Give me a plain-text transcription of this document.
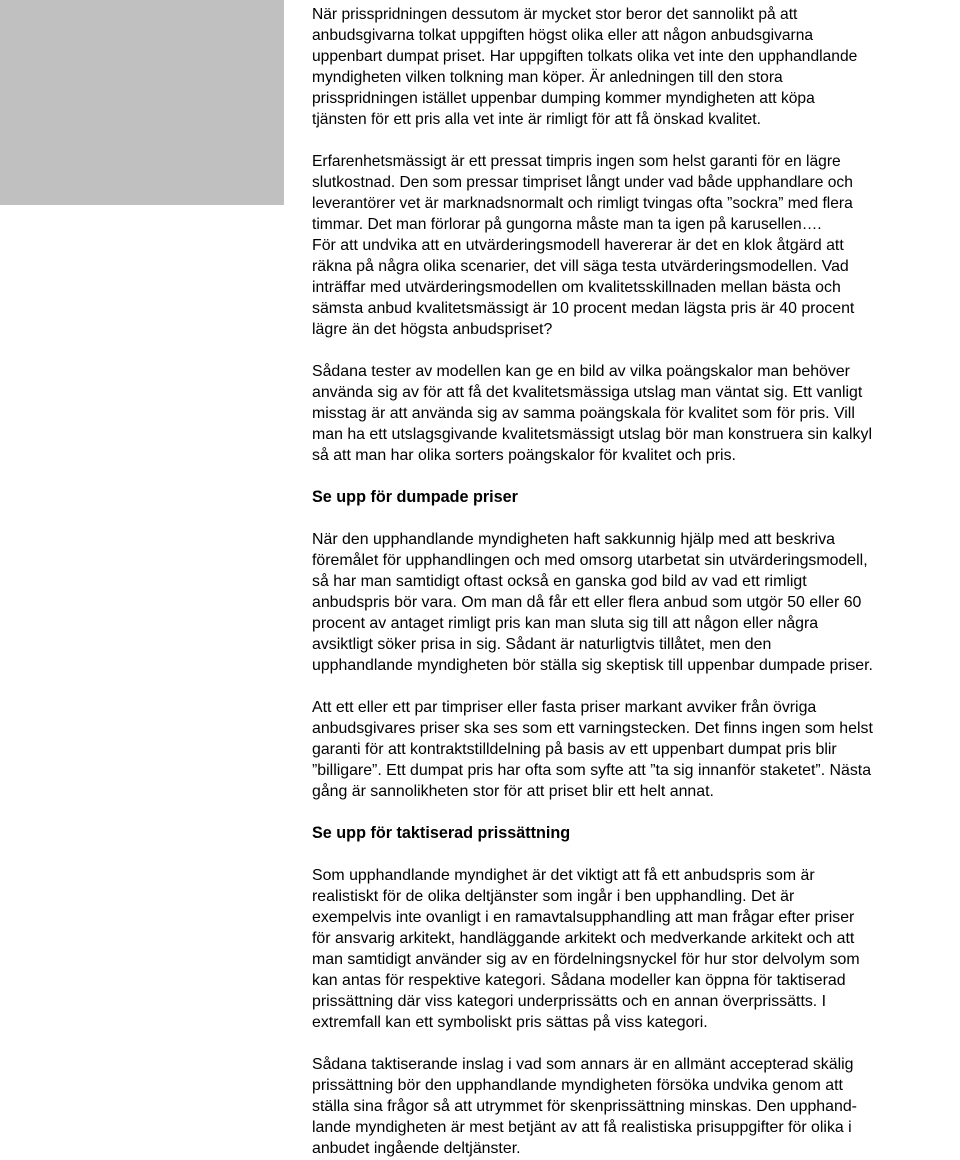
När prisspridningen dessutom är mycket stor beror det sannolikt på att
anbudsgivarna tolkat uppgiften högst olika eller att någon anbudsgivarna
uppenbart dumpat priset. Har uppgiften tolkats olika vet inte den upphandlande
myndigheten vilken tolkning man köper. Är anledningen till den stora
prisspridningen istället uppenbar dumping kommer myndigheten att köpa
tjänsten för ett pris alla vet inte är rimligt för att få önskad kvalitet.
Erfarenhetsmässigt är ett pressat timpris ingen som helst garanti för en lägre
slutkostnad. Den som pressar timpriset långt under vad både upphandlare och
leverantörer vet är marknadsnormalt och rimligt tvingas ofta ”sockra” med flera
timmar. Det man förlorar på gungorna måste man ta igen på karusellen….
För att undvika att en utvärderingsmodell havererar är det en klok åtgärd att
räkna på några olika scenarier, det vill säga testa utvärderingsmodellen. Vad
inträffar med utvärderingsmodellen om kvalitetsskillnaden mellan bästa och
sämsta anbud kvalitetsmässigt är 10 procent medan lägsta pris är 40 procent
lägre än det högsta anbudspriset?
Sådana tester av modellen kan ge en bild av vilka poängskalor man behöver
använda sig av för att få det kvalitetsmässiga utslag man väntat sig. Ett vanligt
misstag är att använda sig av samma poängskala för kvalitet som för pris. Vill
man ha ett utslagsgivande kvalitetsmässigt utslag bör man konstruera sin kalkyl
så att man har olika sorters poängskalor för kvalitet och pris.
Se upp för dumpade priser
När den upphandlande myndigheten haft sakkunnig hjälp med att beskriva
föremålet för upphandlingen och med omsorg utarbetat sin utvärderingsmodell,
så har man samtidigt oftast också en ganska god bild av vad ett rimligt
anbudspris bör vara. Om man då får ett eller flera anbud som utgör 50 eller 60
procent av antaget rimligt pris kan man sluta sig till att någon eller några
avsiktligt söker prisa in sig. Sådant är naturligtvis tillåtet, men den
upphandlande myndigheten bör ställa sig skeptisk till uppenbar dumpade priser.
Att ett eller ett par timpriser eller fasta priser markant avviker från övriga
anbudsgivares priser ska ses som ett varningstecken. Det finns ingen som helst
garanti för att kontraktstilldelning på basis av ett uppenbart dumpat pris blir
”billigare”. Ett dumpat pris har ofta som syfte att ”ta sig innanför staketet”. Nästa
gång är sannolikheten stor för att priset blir ett helt annat.
Se upp för taktiserad prissättning
Som upphandlande myndighet är det viktigt att få ett anbudspris som är
realistiskt för de olika deltjänster som ingår i ben upphandling. Det är
exempelvis inte ovanligt i en ramavtalsupphandling att man frågar efter priser
för ansvarig arkitekt, handläggande arkitekt och medverkande arkitekt och att
man samtidigt använder sig av en fördelningsnyckel för hur stor delvolym som
kan antas för respektive kategori. Sådana modeller kan öppna för taktiserad
prissättning där viss kategori underprissätts och en annan överprissätts. I
extremfall kan ett symboliskt pris sättas på viss kategori.
Sådana taktiserande inslag i vad som annars är en allmänt accepterad skälig
prissättning bör den upphandlande myndigheten försöka undvika genom att
ställa sina frågor så att utrymmet för skenprissättning minskas. Den upphand-
lande myndigheten är mest betjänt av att få realistiska prisuppgifter för olika i
anbudet ingående deltjänster.
